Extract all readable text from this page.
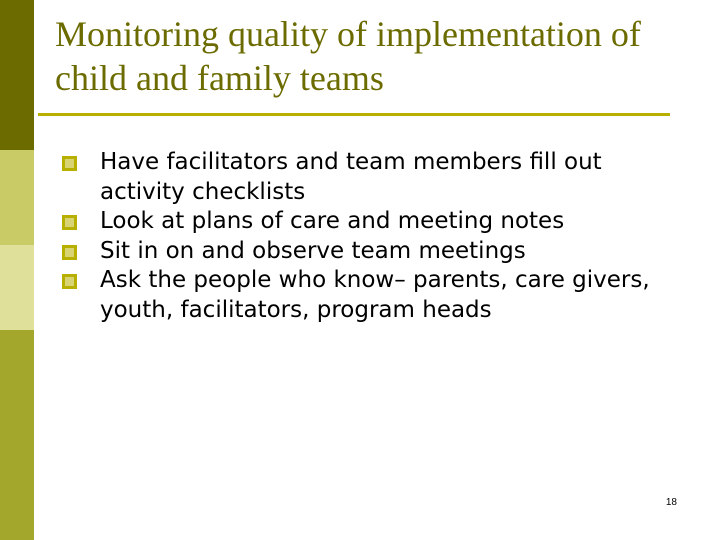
Monitoring quality of implementation of child and family teams
Have facilitators and team members fill out activity checklists
Look at plans of care and meeting notes
Sit in on and observe team meetings
Ask the people who know– parents, care givers, youth, facilitators, program heads
18
